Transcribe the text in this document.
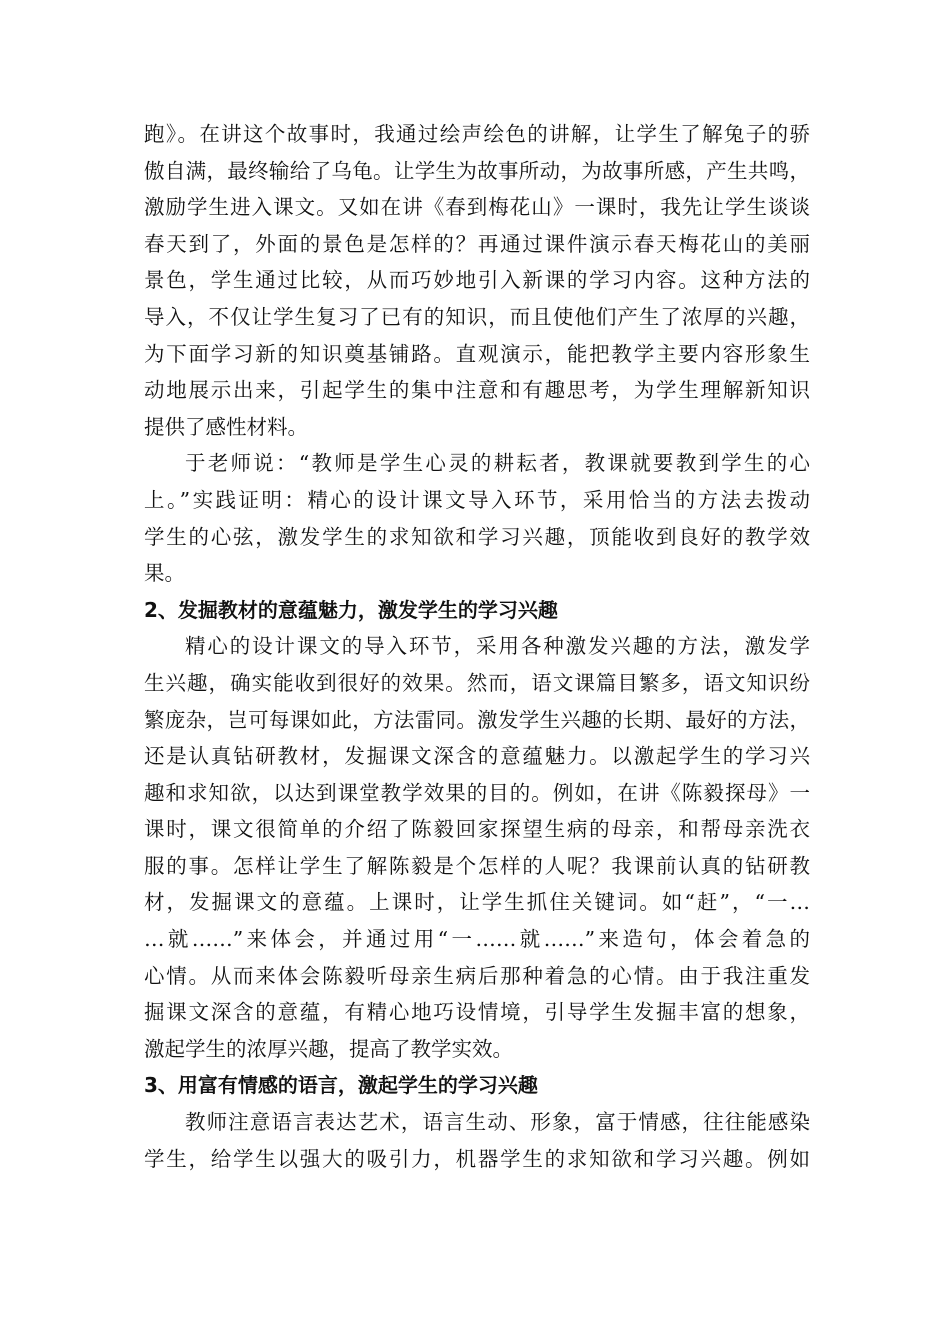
跑》。在讲这个故事时，我通过绘声绘色的讲解，让学生了解兔子的骄
傲自满，最终输给了乌龟。让学生为故事所动，为故事所感，产生共鸣，
激励学生进入课文。又如在讲《春到梅花山》一课时，我先让学生谈谈
春天到了，外面的景色是怎样的？再通过课件演示春天梅花山的美丽
景色，学生通过比较，从而巧妙地引入新课的学习内容。这种方法的
导入，不仅让学生复习了已有的知识，而且使他们产生了浓厚的兴趣，
为下面学习新的知识奠基铺路。直观演示，能把教学主要内容形象生
动地展示出来，引起学生的集中注意和有趣思考，为学生理解新知识
提供了感性材料。
于老师说：“教师是学生心灵的耕耘者，教课就要教到学生的心
上。”实践证明：精心的设计课文导入环节，采用恰当的方法去拨动
学生的心弦，激发学生的求知欲和学习兴趣，顶能收到良好的教学效
果。
2、发掘教材的意蕴魅力，激发学生的学习兴趣
精心的设计课文的导入环节，采用各种激发兴趣的方法，激发学
生兴趣，确实能收到很好的效果。然而，语文课篇目繁多，语文知识纷
繁庞杂，岂可每课如此，方法雷同。激发学生兴趣的长期、最好的方法，
还是认真钻研教材，发掘课文深含的意蕴魅力。以激起学生的学习兴
趣和求知欲，以达到课堂教学效果的目的。例如，在讲《陈毅探母》一
课时，课文很简单的介绍了陈毅回家探望生病的母亲，和帮母亲洗衣
服的事。怎样让学生了解陈毅是个怎样的人呢？我课前认真的钻研教
材，发掘课文的意蕴。上课时，让学生抓住关键词。如“赶”，“一…
…就……”来体会，并通过用“一……就……”来造句，体会着急的
心情。从而来体会陈毅听母亲生病后那种着急的心情。由于我注重发
掘课文深含的意蕴，有精心地巧设情境，引导学生发掘丰富的想象，
激起学生的浓厚兴趣，提高了教学实效。
3、用富有情感的语言，激起学生的学习兴趣
教师注意语言表达艺术，语言生动、形象，富于情感，往往能感染
学生，给学生以强大的吸引力，机器学生的求知欲和学习兴趣。例如
